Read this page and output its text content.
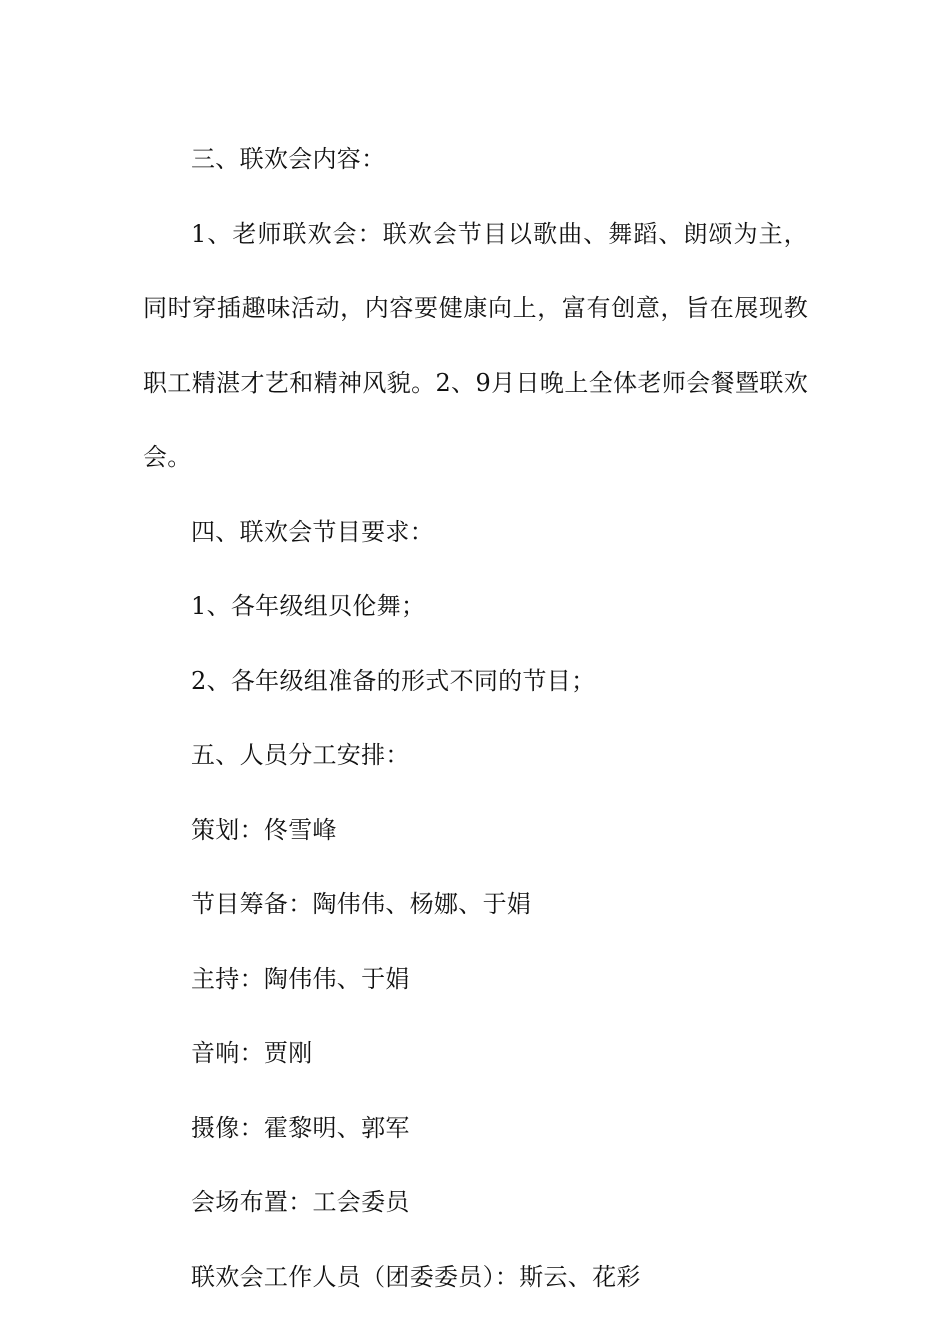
三、联欢会内容：

1、老师联欢会：联欢会节目以歌曲、舞蹈、朗颂为主，同时穿插趣味活动，内容要健康向上，富有创意，旨在展现教职工精湛才艺和精神风貌。2、9月日晚上全体老师会餐暨联欢会。

四、联欢会节目要求：

1、各年级组贝伦舞；

2、各年级组准备的形式不同的节目；

五、人员分工安排：

策划：佟雪峰

节目筹备：陶伟伟、杨娜、于娟

主持：陶伟伟、于娟

音响：贾刚

摄像：霍黎明、郭军

会场布置：工会委员

联欢会工作人员（团委委员）：斯云、花彩
